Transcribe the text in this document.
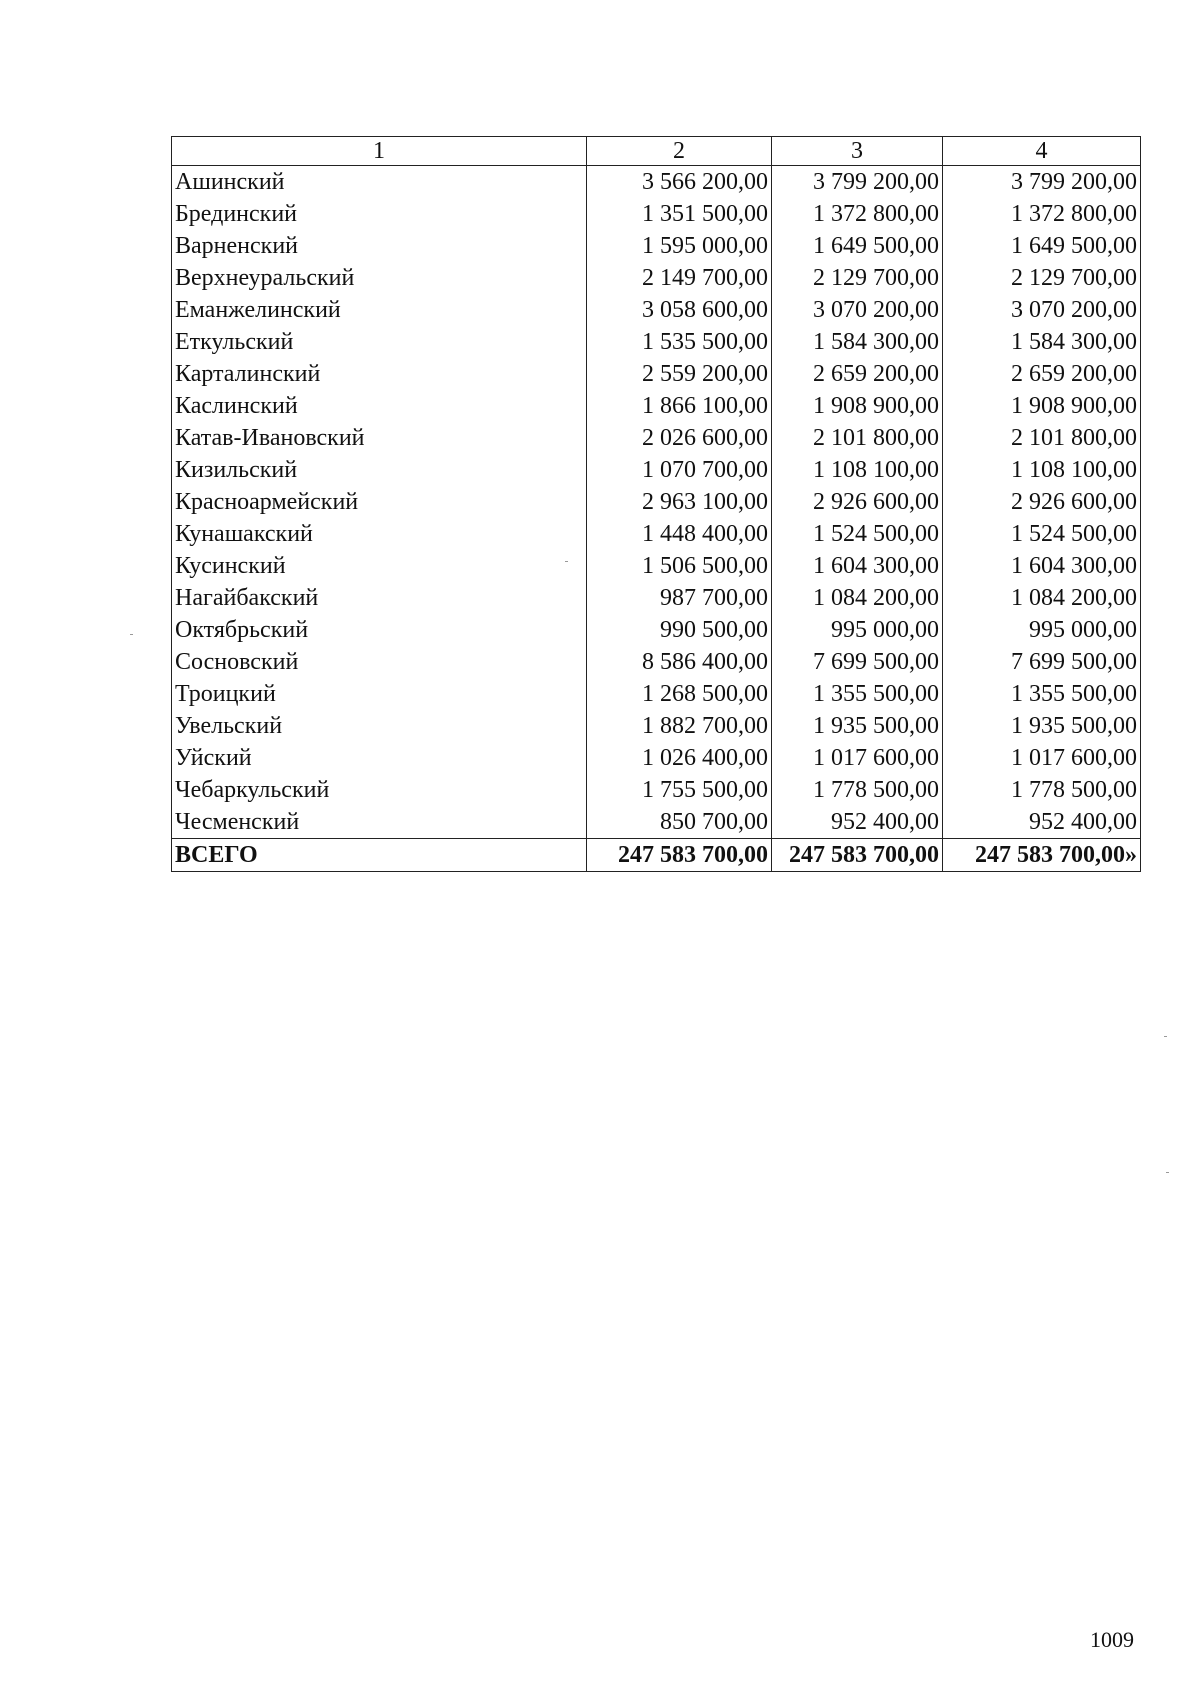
1	2	3	4
Ашинский	3 566 200,00	3 799 200,00	3 799 200,00
Брединский	1 351 500,00	1 372 800,00	1 372 800,00
Варненский	1 595 000,00	1 649 500,00	1 649 500,00
Верхнеуральский	2 149 700,00	2 129 700,00	2 129 700,00
Еманжелинский	3 058 600,00	3 070 200,00	3 070 200,00
Еткульский	1 535 500,00	1 584 300,00	1 584 300,00
Карталинский	2 559 200,00	2 659 200,00	2 659 200,00
Каслинский	1 866 100,00	1 908 900,00	1 908 900,00
Катав-Ивановский	2 026 600,00	2 101 800,00	2 101 800,00
Кизильский	1 070 700,00	1 108 100,00	1 108 100,00
Красноармейский	2 963 100,00	2 926 600,00	2 926 600,00
Кунашакский	1 448 400,00	1 524 500,00	1 524 500,00
Кусинский	1 506 500,00	1 604 300,00	1 604 300,00
Нагайбакский	987 700,00	1 084 200,00	1 084 200,00
Октябрьский	990 500,00	995 000,00	995 000,00
Сосновский	8 586 400,00	7 699 500,00	7 699 500,00
Троицкий	1 268 500,00	1 355 500,00	1 355 500,00
Увельский	1 882 700,00	1 935 500,00	1 935 500,00
Уйский	1 026 400,00	1 017 600,00	1 017 600,00
Чебаркульский	1 755 500,00	1 778 500,00	1 778 500,00
Чесменский	850 700,00	952 400,00	952 400,00
ВСЕГО	247 583 700,00	247 583 700,00	247 583 700,00»
1009
